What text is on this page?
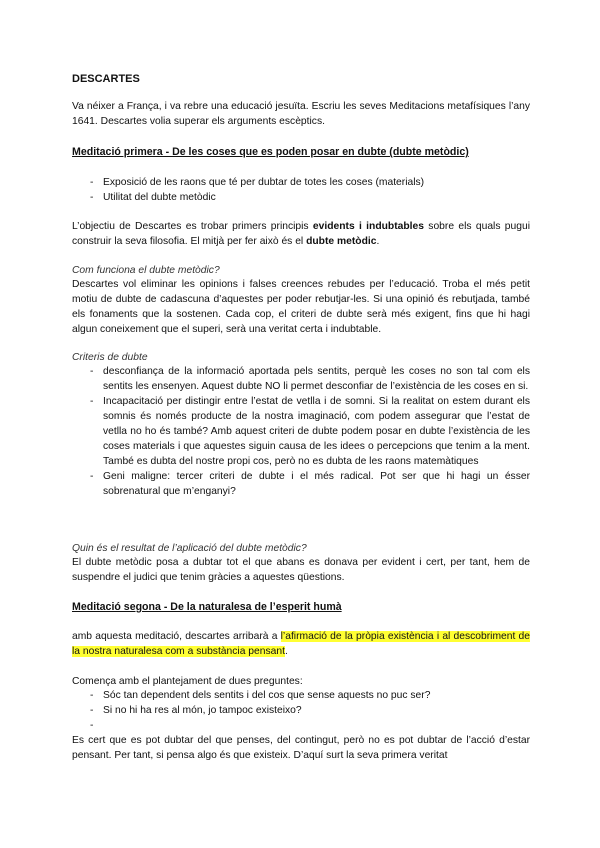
DESCARTES

Va néixer a França, i va rebre una educació jesuïta. Escriu les seves Meditacions metafísiques l’any 1641. Descartes volia superar els arguments escèptics.

Meditació primera - De les coses que es poden posar en dubte (dubte metòdic)
- Exposició de les raons que té per dubtar de totes les coses (materials)
- Utilitat del dubte metòdic

L’objectiu de Descartes es trobar primers principis evidents i indubtables sobre els quals pugui construir la seva filosofia. El mitjà per fer això és el dubte metòdic.

Com funciona el dubte metòdic?

Descartes vol eliminar les opinions i falses creences rebudes per l’educació. Troba el més petit motiu de dubte de cadascuna d’aquestes per poder rebutjar-les. Si una opinió és rebutjada, també els fonaments que la sostenen. Cada cop, el criteri de dubte serà més exigent, fins que hi hagi algun coneixement que el superi, serà una veritat certa i indubtable.

Criteris de dubte
- desconfiança de la informació aportada pels sentits, perquè les coses no son tal com els sentits les ensenyen. Aquest dubte NO li permet desconfiar de l’existència de les coses en si.
- Incapacitació per distingir entre l’estat de vetlla i de somni. Si la realitat on estem durant els somnis és només producte de la nostra imaginació, com podem assegurar que l’estat de vetlla no ho és també? Amb aquest criteri de dubte podem posar en dubte l’existència de les coses materials i que aquestes siguin causa de les idees o percepcions que tenim a la ment. També es dubta del nostre propi cos, però no es dubta de les raons matemàtiques
- Geni maligne: tercer criteri de dubte i el més radical. Pot ser que hi hagi un ésser sobrenatural que m’enganyi?
Quin és el resultat de l’aplicació del dubte metòdic?

El dubte metòdic posa a dubtar tot el que abans es donava per evident i cert, per tant, hem de suspendre el judici que tenim gràcies a aquestes qüestions.

Meditació segona - De la naturalesa de l’esperit humà

amb aquesta meditació, descartes arribarà a l’afirmació de la pròpia existència i al descobriment de la nostra naturalesa com a substància pensant.

Comença amb el plantejament de dues preguntes:
- Sóc tan dependent dels sentits i del cos que sense aquests no puc ser?
- Si no hi ha res al món, jo tampoc existeixo?
-

Es cert que es pot dubtar del que penses, del contingut, però no es pot dubtar de l’acció d’estar pensant. Per tant, si pensa algo és que existeix. D’aquí surt la seva primera veritat
